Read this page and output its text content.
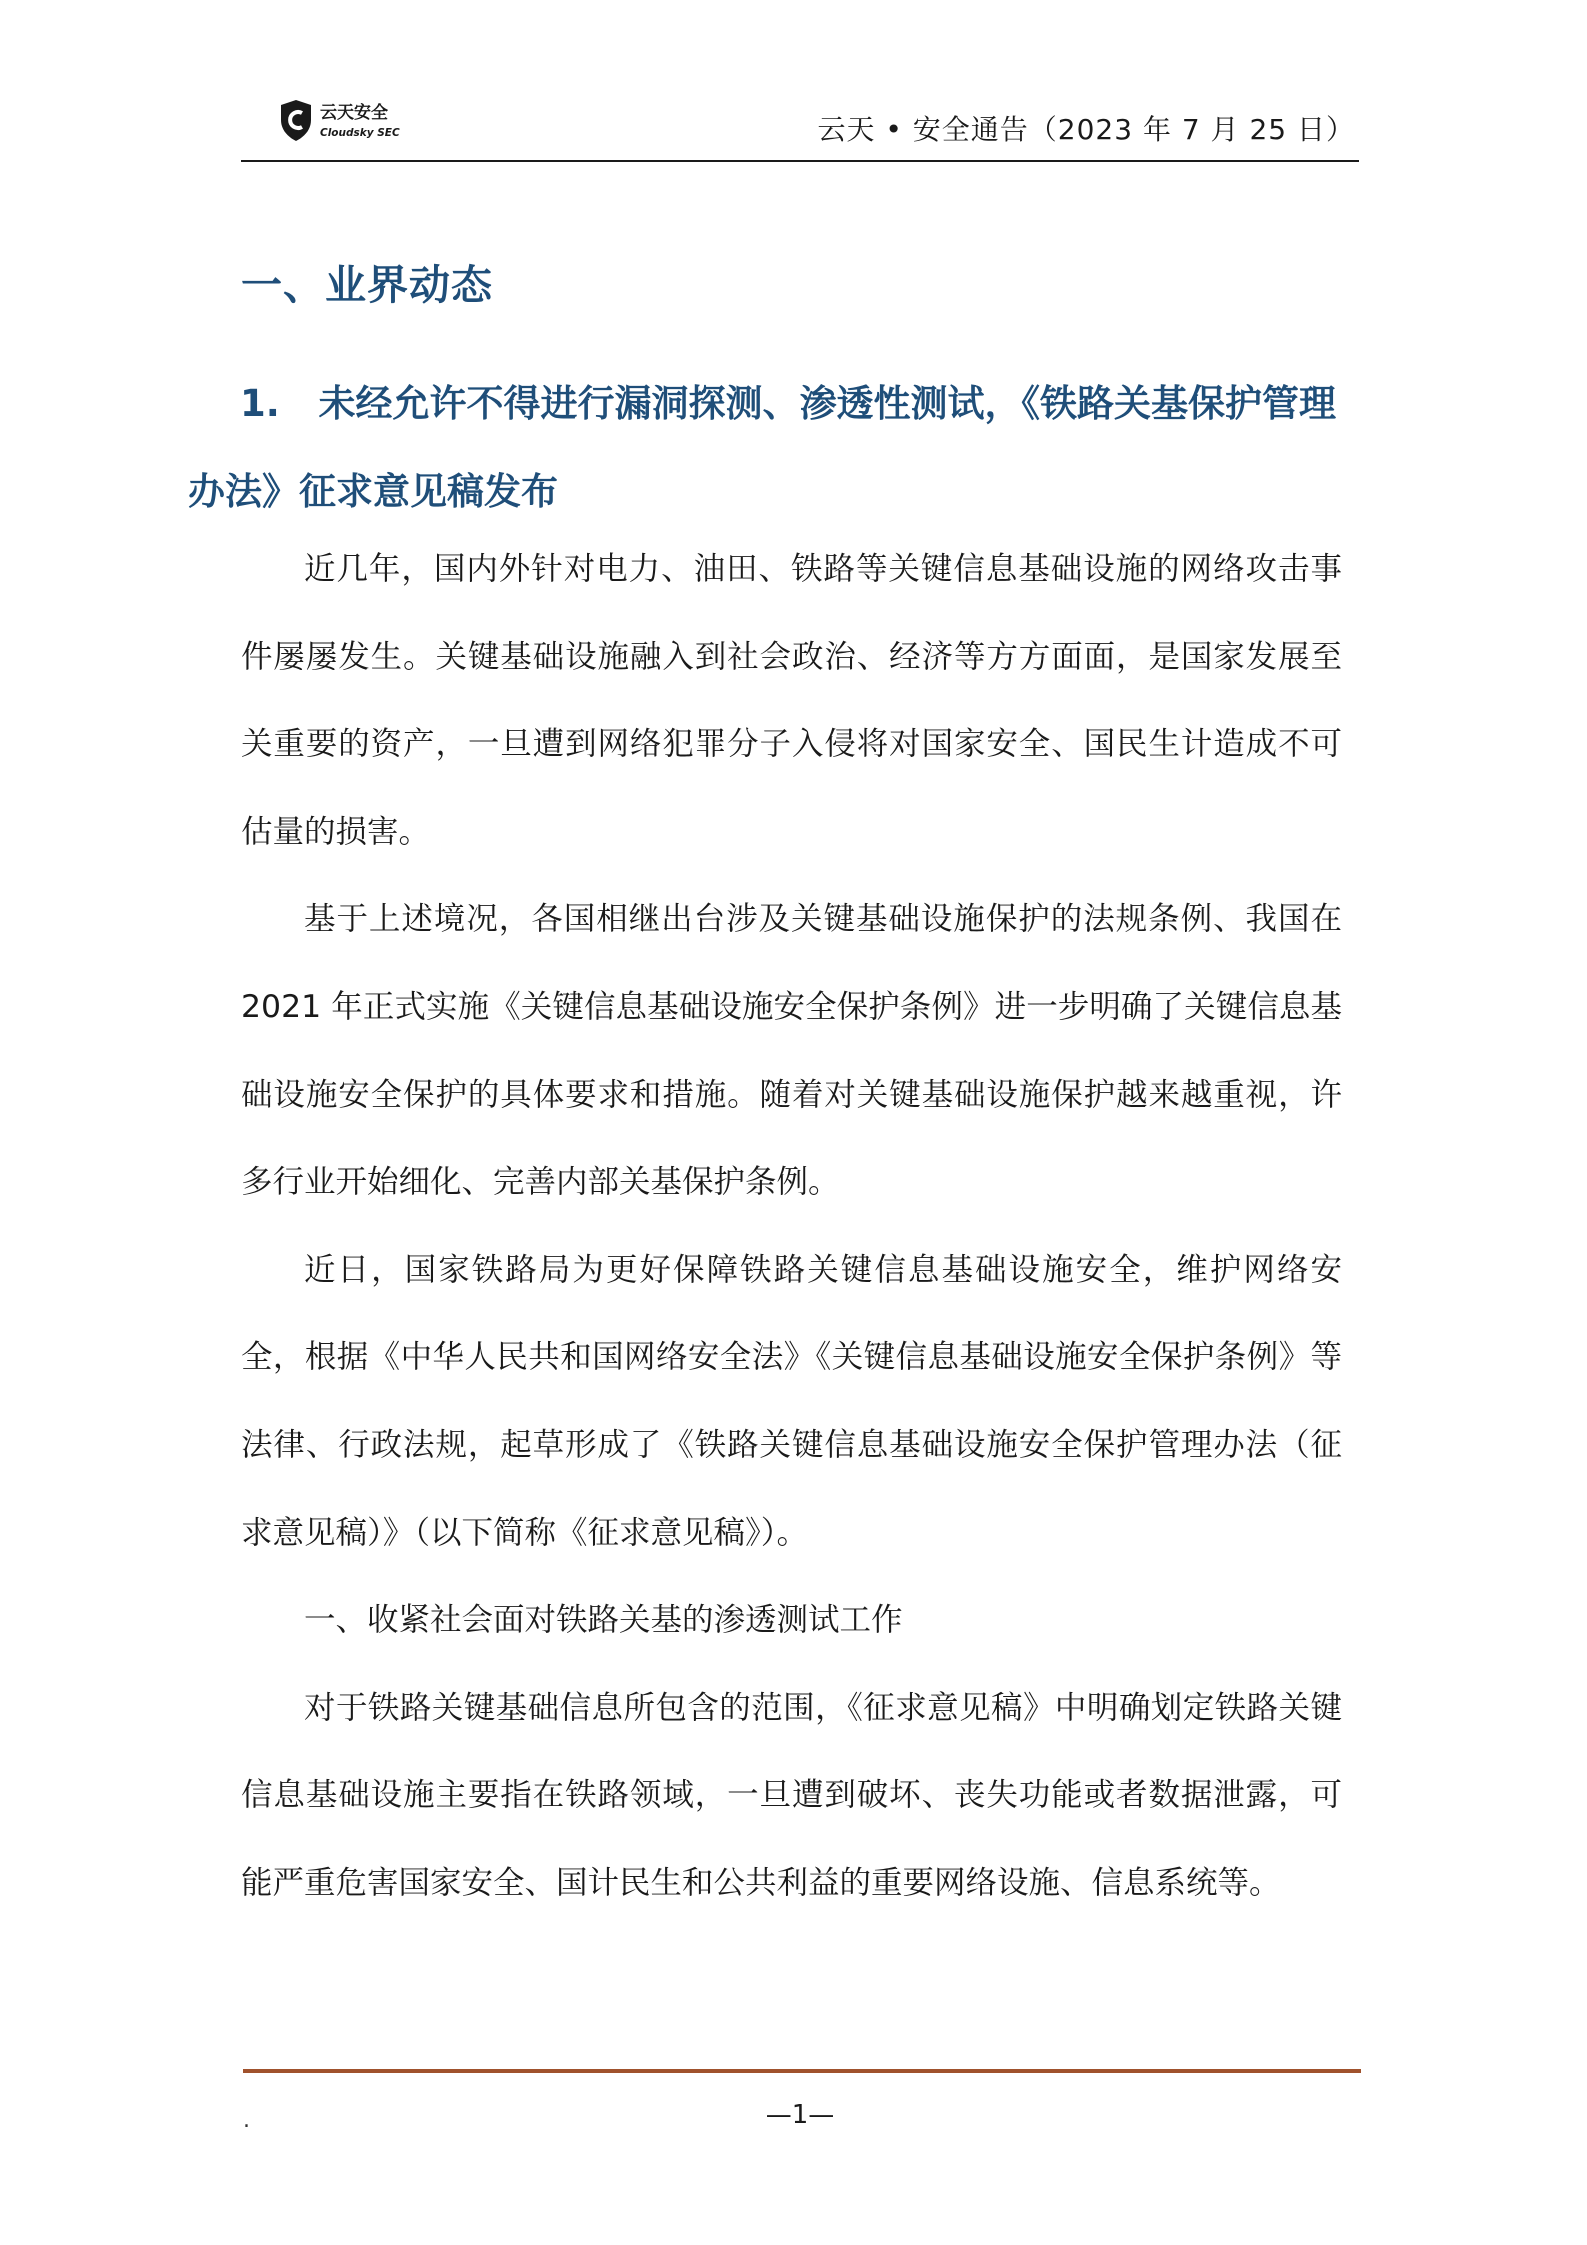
云天安全
Cloudsky SEC	云天 • 安全通告（2023 年 7 月 25 日）
一、业界动态
1. 未经允许不得进行漏洞探测、渗透性测试，《铁路关基保护管理办法》征求意见稿发布

近几年，国内外针对电力、油田、铁路等关键信息基础设施的网络攻击事件屡屡发生。关键基础设施融入到社会政治、经济等方方面面，是国家发展至关重要的资产，一旦遭到网络犯罪分子入侵将对国家安全、国民生计造成不可估量的损害。

基于上述境况，各国相继出台涉及关键基础设施保护的法规条例、我国在 2021 年正式实施《关键信息基础设施安全保护条例》进一步明确了关键信息基础设施安全保护的具体要求和措施。随着对关键基础设施保护越来越重视，许多行业开始细化、完善内部关基保护条例。

近日，国家铁路局为更好保障铁路关键信息基础设施安全，维护网络安全，根据《中华人民共和国网络安全法》《关键信息基础设施安全保护条例》等法律、行政法规，起草形成了《铁路关键信息基础设施安全保护管理办法（征求意见稿）》（以下简称《征求意见稿》）。

一、收紧社会面对铁路关基的渗透测试工作

对于铁路关键基础信息所包含的范围，《征求意见稿》中明确划定铁路关键信息基础设施主要指在铁路领域，一旦遭到破坏、丧失功能或者数据泄露，可能严重危害国家安全、国计民生和公共利益的重要网络设施、信息系统等。

.	—1—
